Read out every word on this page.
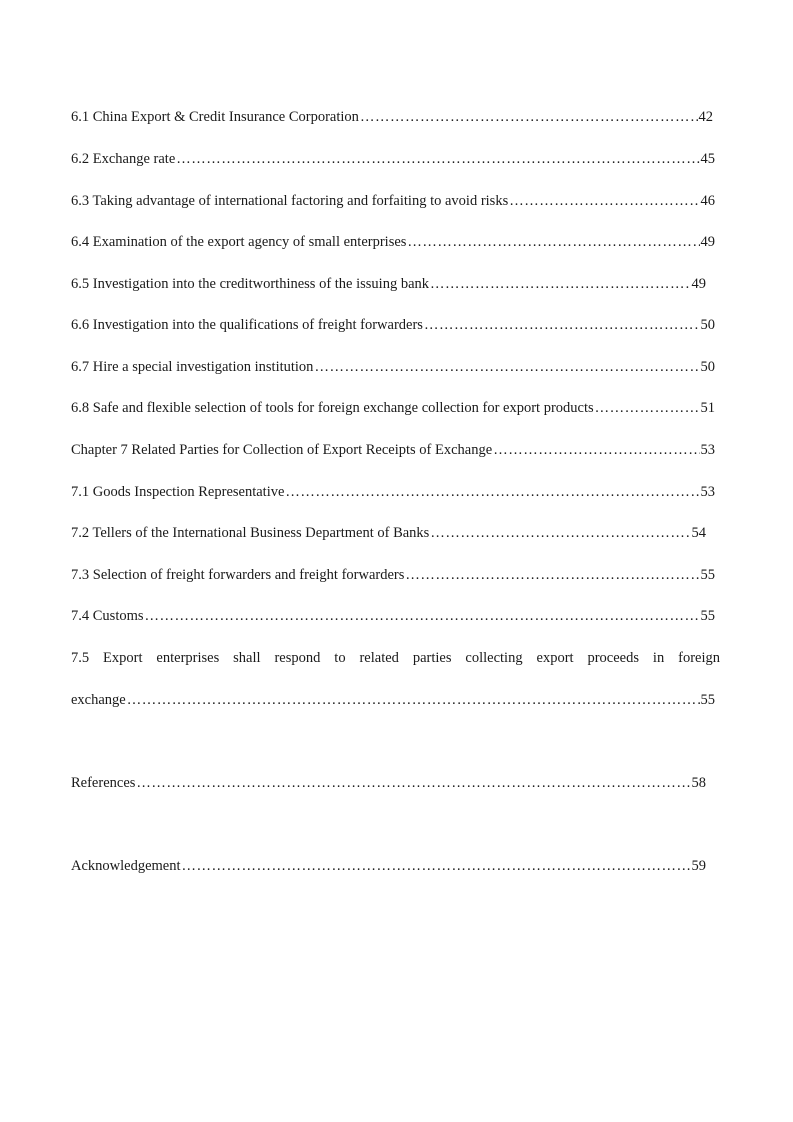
6.1 China Export & Credit Insurance Corporation …………………………………………………………………………………………………………………………………………………………………………………………	42
6.2 Exchange rate …………………………………………………………………………………………………………………………………………………………………………………………	45
6.3 Taking advantage of international factoring and forfaiting to avoid risks …………………………………………………………………………………………………………………………………………………………………………………………	46
6.4 Examination of the export agency of small enterprises …………………………………………………………………………………………………………………………………………………………………………………………	49
6.5 Investigation into the creditworthiness of the issuing bank …………………………………………………………………………………………………………………………………………………………………………………………	49
6.6 Investigation into the qualifications of freight forwarders …………………………………………………………………………………………………………………………………………………………………………………………	50
6.7 Hire a special investigation institution …………………………………………………………………………………………………………………………………………………………………………………………	50
6.8 Safe and flexible selection of tools for foreign exchange collection for export products …………………………………………………………………………………………………………………………………………………………………………………………	51
Chapter 7 Related Parties for Collection of Export Receipts of Exchange …………………………………………………………………………………………………………………………………………………………………………………………	53
7.1 Goods Inspection Representative …………………………………………………………………………………………………………………………………………………………………………………………	53
7.2 Tellers of the International Business Department of Banks …………………………………………………………………………………………………………………………………………………………………………………………	54
7.3 Selection of freight forwarders and freight forwarders …………………………………………………………………………………………………………………………………………………………………………………………	55
7.4 Customs …………………………………………………………………………………………………………………………………………………………………………………………	55
7.5 Export enterprises shall respond to related parties collecting export proceeds in foreign
exchange …………………………………………………………………………………………………………………………………………………………………………………………	55
References …………………………………………………………………………………………………………………………………………………………………………………………	58
Acknowledgement …………………………………………………………………………………………………………………………………………………………………………………………	59
